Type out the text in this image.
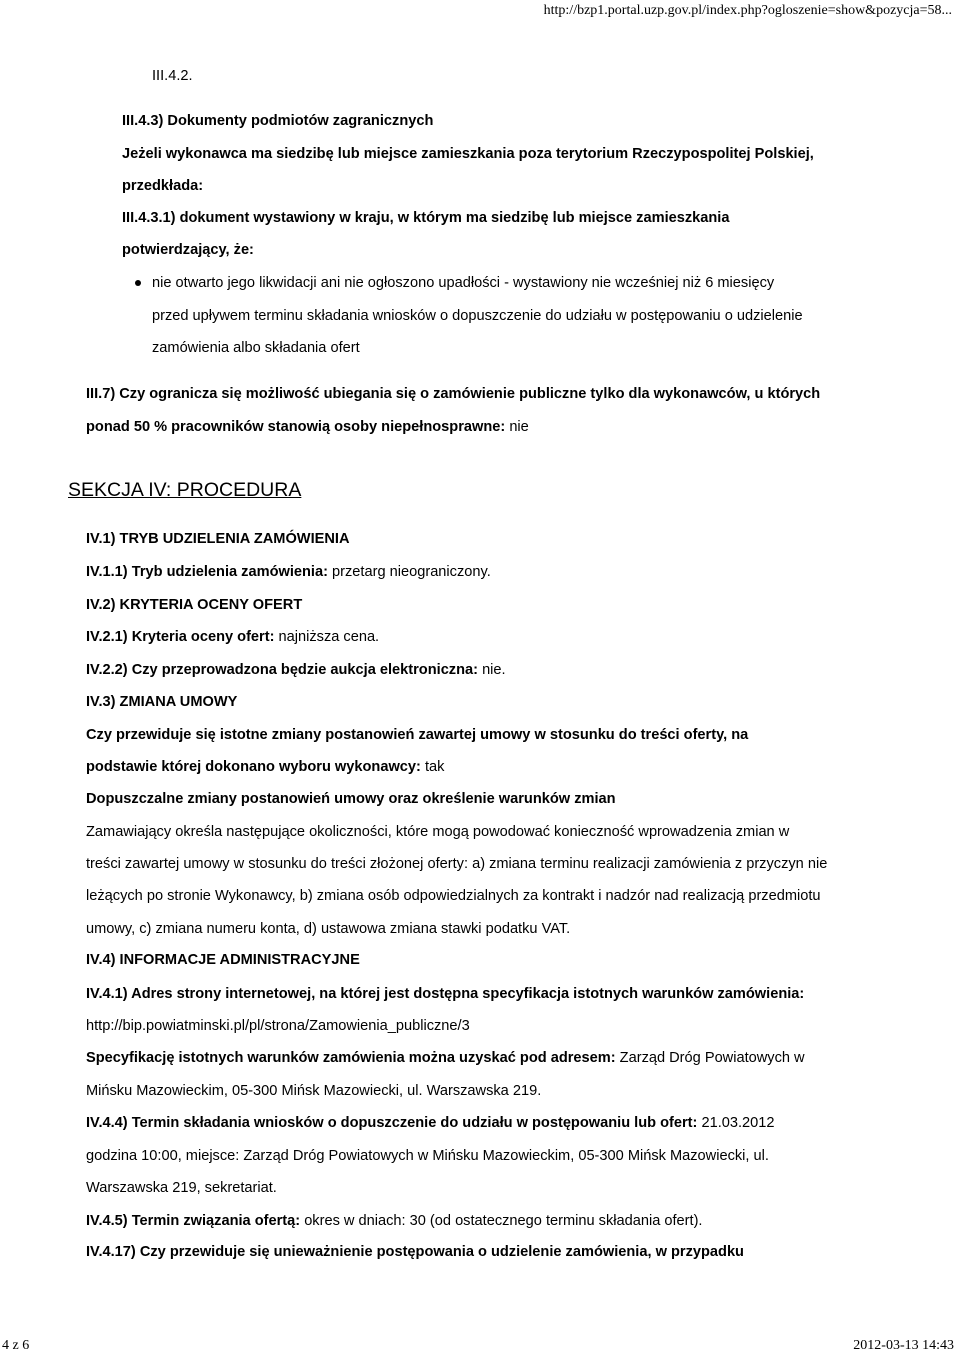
http://bzp1.portal.uzp.gov.pl/index.php?ogloszenie=show&pozycja=58...
III.4.2.
III.4.3) Dokumenty podmiotów zagranicznych
Jeżeli wykonawca ma siedzibę lub miejsce zamieszkania poza terytorium Rzeczypospolitej Polskiej,
przedkłada:
III.4.3.1) dokument wystawiony w kraju, w którym ma siedzibę lub miejsce zamieszkania
potwierdzający, że:
nie otwarto jego likwidacji ani nie ogłoszono upadłości - wystawiony nie wcześniej niż 6 miesięcy
przed upływem terminu składania wniosków o dopuszczenie do udziału w postępowaniu o udzielenie
zamówienia albo składania ofert
III.7) Czy ogranicza się możliwość ubiegania się o zamówienie publiczne tylko dla wykonawców, u których
ponad 50 % pracowników stanowią osoby niepełnosprawne: nie
SEKCJA IV: PROCEDURA
IV.1) TRYB UDZIELENIA ZAMÓWIENIA
IV.1.1) Tryb udzielenia zamówienia: przetarg nieograniczony.
IV.2) KRYTERIA OCENY OFERT
IV.2.1) Kryteria oceny ofert: najniższa cena.
IV.2.2) Czy przeprowadzona będzie aukcja elektroniczna: nie.
IV.3) ZMIANA UMOWY
Czy przewiduje się istotne zmiany postanowień zawartej umowy w stosunku do treści oferty, na
podstawie której dokonano wyboru wykonawcy: tak
Dopuszczalne zmiany postanowień umowy oraz określenie warunków zmian
Zamawiający określa następujące okoliczności, które mogą powodować konieczność wprowadzenia zmian w
treści zawartej umowy w stosunku do treści złożonej oferty: a) zmiana terminu realizacji zamówienia z przyczyn nie
leżących po stronie Wykonawcy, b) zmiana osób odpowiedzialnych za kontrakt i nadzór nad realizacją przedmiotu
umowy, c) zmiana numeru konta, d) ustawowa zmiana stawki podatku VAT.
IV.4) INFORMACJE ADMINISTRACYJNE
IV.4.1) Adres strony internetowej, na której jest dostępna specyfikacja istotnych warunków zamówienia:
http://bip.powiatminski.pl/pl/strona/Zamowienia_publiczne/3
Specyfikację istotnych warunków zamówienia można uzyskać pod adresem: Zarząd Dróg Powiatowych w
Mińsku Mazowieckim, 05-300 Mińsk Mazowiecki, ul. Warszawska 219.
IV.4.4) Termin składania wniosków o dopuszczenie do udziału w postępowaniu lub ofert: 21.03.2012
godzina 10:00, miejsce: Zarząd Dróg Powiatowych w Mińsku Mazowieckim, 05-300 Mińsk Mazowiecki, ul.
Warszawska 219, sekretariat.
IV.4.5) Termin związania ofertą: okres w dniach: 30 (od ostatecznego terminu składania ofert).
IV.4.17) Czy przewiduje się unieważnienie postępowania o udzielenie zamówienia, w przypadku
4 z 6	2012-03-13 14:43
